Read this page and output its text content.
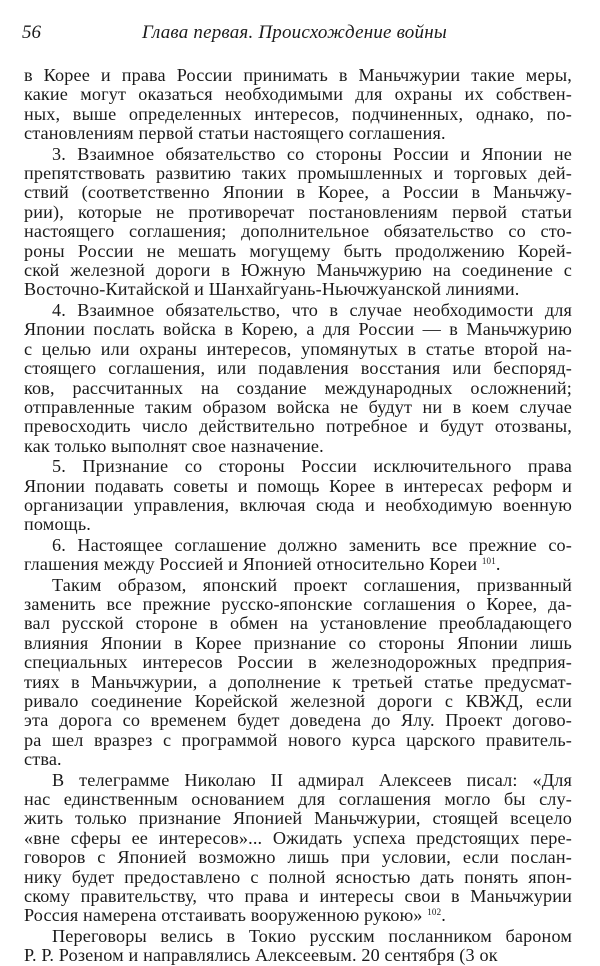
56	Глава первая. Происхождение войны
в Корее и права России принимать в Маньчжурии такие меры,
какие могут оказаться необходимыми для охраны их собствен-
ных, выше определенных интересов, подчиненных, однако, по-
становлениям первой статьи настоящего соглашения.
3. Взаимное обязательство со стороны России и Японии не
препятствовать развитию таких промышленных и торговых дей-
ствий (соответственно Японии в Корее, а России в Маньчжу-
рии), которые не противоречат постановлениям первой статьи
настоящего соглашения; дополнительное обязательство со сто-
роны России не мешать могущему быть продолжению Корей-
ской железной дороги в Южную Маньчжурию на соединение с
Восточно-Китайской и Шанхайгуань-Ньючжуанской линиями.
4. Взаимное обязательство, что в случае необходимости для
Японии послать войска в Корею, а для России — в Маньчжурию
с целью или охраны интересов, упомянутых в статье второй на-
стоящего соглашения, или подавления восстания или беспоряд-
ков, рассчитанных на создание международных осложнений;
отправленные таким образом войска не будут ни в коем случае
превосходить число действительно потребное и будут отозваны,
как только выполнят свое назначение.
5. Признание со стороны России исключительного права
Японии подавать советы и помощь Корее в интересах реформ и
организации управления, включая сюда и необходимую военную
помощь.
6. Настоящее соглашение должно заменить все прежние со-
глашения между Россией и Японией относительно Кореи $^{101}$.
Таким образом, японский проект соглашения, призванный
заменить все прежние русско-японские соглашения о Корее, да-
вал русской стороне в обмен на установление преобладающего
влияния Японии в Корее признание со стороны Японии лишь
специальных интересов России в железнодорожных предприя-
тиях в Маньчжурии, а дополнение к третьей статье предусмат-
ривало соединение Корейской железной дороги с КВЖД, если
эта дорога со временем будет доведена до Ялу. Проект догово-
ра шел вразрез с программой нового курса царского правитель-
ства.
В телеграмме Николаю II адмирал Алексеев писал: «Для
нас единственным основанием для соглашения могло бы слу-
жить только признание Японией Маньчжурии, стоящей всецело
«вне сферы ее интересов»... Ожидать успеха предстоящих пере-
говоров с Японией возможно лишь при условии, если послан-
нику будет предоставлено с полной ясностью дать понять япон-
скому правительству, что права и интересы свои в Маньчжурии
Россия намерена отстаивать вооруженною рукою» $^{102}$.
Переговоры велись в Токио русским посланником бароном
Р. Р. Розеном и направлялись Алексеевым. 20 сентября (3 ок
